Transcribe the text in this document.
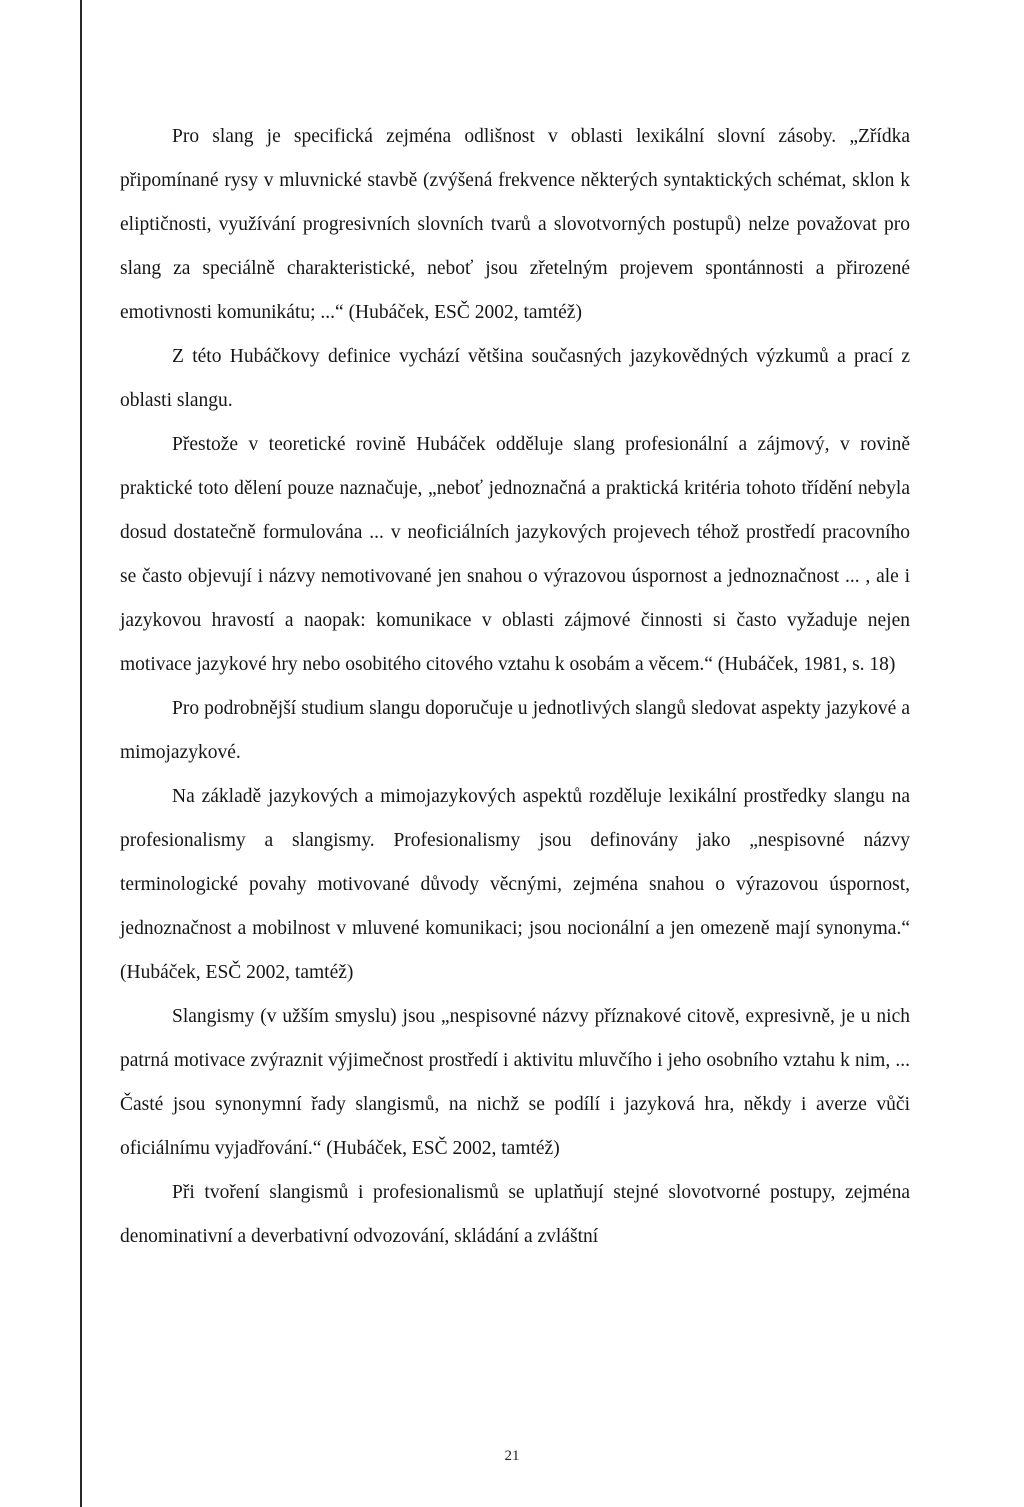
Pro slang je specifická zejména odlišnost v oblasti lexikální slovní zásoby. „Zřídka připomínané rysy v mluvnické stavbě (zvýšená frekvence některých syntaktických schémat, sklon k eliptičnosti, využívání progresivních slovních tvarů a slovotvorných postupů) nelze považovat pro slang za speciálně charakteristické, neboť jsou zřetelným projevem spontánnosti a přirozené emotivnosti komunikátu; ...“ (Hubáček, ESČ 2002, tamtéž)

Z této Hubáčkovy definice vychází většina současných jazykovědných výzkumů a prací z oblasti slangu.

Přestože v teoretické rovině Hubáček odděluje slang profesionální a zájmový, v rovině praktické toto dělení pouze naznačuje, „neboť jednoznačná a praktická kritéria tohoto třídění nebyla dosud dostatečně formulována ... v neoficiálních jazykových projevech téhož prostředí pracovního se často objevují i názvy nemotivované jen snahou o výrazovou úspornost a jednoznačnost ... , ale i jazykovou hravostí a naopak: komunikace v oblasti zájmové činnosti si často vyžaduje nejen motivace jazykové hry nebo osobitého citového vztahu k osobám a věcem.“ (Hubáček, 1981, s. 18)

Pro podrobnější studium slangu doporučuje u jednotlivých slangů sledovat aspekty jazykové a mimojazykové.

Na základě jazykových a mimojazykových aspektů rozděluje lexikální prostředky slangu na profesionalismy a slangismy. Profesionalismy jsou definovány jako „nespisovné názvy terminologické povahy motivované důvody věcnými, zejména snahou o výrazovou úspornost, jednoznačnost a mobilnost v mluvené komunikaci; jsou nocionální a jen omezeně mají synonyma.“ (Hubáček, ESČ 2002, tamtéž)

Slangismy (v užším smyslu) jsou „nespisovné názvy příznakové citově, expresivně, je u nich patrná motivace zvýraznit výjimečnost prostředí i aktivitu mluvčího i jeho osobního vztahu k nim, ... Časté jsou synonymní řady slangismů, na nichž se podílí i jazyková hra, někdy i averze vůči oficiálnímu vyjadřování.“ (Hubáček, ESČ 2002, tamtéž)

Při tvoření slangismů i profesionalismů se uplatňují stejné slovotvorné postupy, zejména denominativní a deverbativní odvozování, skládání a zvláštní

21
